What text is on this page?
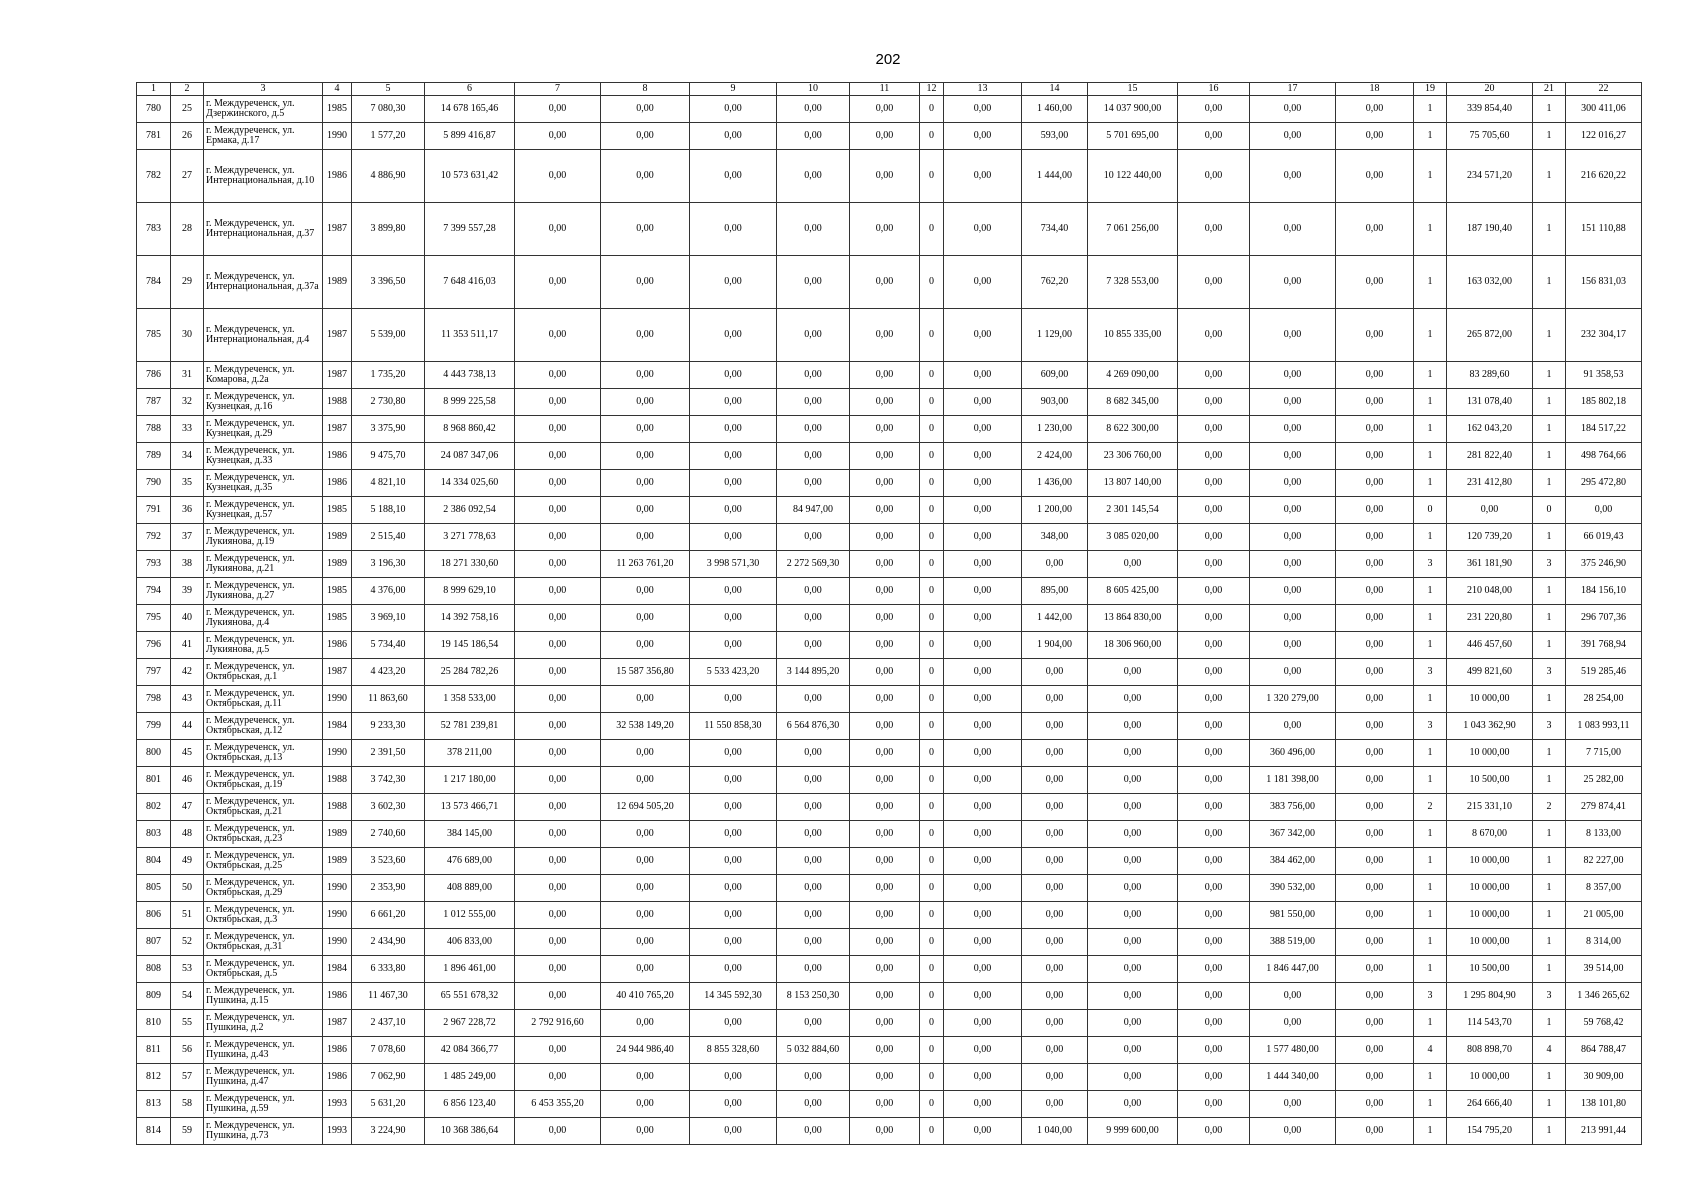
202
1	2	3	4	5	6	7	8	9	10	11	12	13	14	15	16	17	18	19	20	21	22
780	25	г. Междуреченск, ул. Дзержинского, д.5	1985	7 080,30	14 678 165,46	0,00	0,00	0,00	0,00	0,00	0	0,00	1 460,00	14 037 900,00	0,00	0,00	0,00	1	339 854,40	1	300 411,06
781	26	г. Междуреченск, ул. Ермака, д.17	1990	1 577,20	5 899 416,87	0,00	0,00	0,00	0,00	0,00	0	0,00	593,00	5 701 695,00	0,00	0,00	0,00	1	75 705,60	1	122 016,27
782	27	г. Междуреченск, ул. Интернациональная, д.10	1986	4 886,90	10 573 631,42	0,00	0,00	0,00	0,00	0,00	0	0,00	1 444,00	10 122 440,00	0,00	0,00	0,00	1	234 571,20	1	216 620,22
783	28	г. Междуреченск, ул. Интернациональная, д.37	1987	3 899,80	7 399 557,28	0,00	0,00	0,00	0,00	0,00	0	0,00	734,40	7 061 256,00	0,00	0,00	0,00	1	187 190,40	1	151 110,88
784	29	г. Междуреченск, ул. Интернациональная, д.37а	1989	3 396,50	7 648 416,03	0,00	0,00	0,00	0,00	0,00	0	0,00	762,20	7 328 553,00	0,00	0,00	0,00	1	163 032,00	1	156 831,03
785	30	г. Междуреченск, ул. Интернациональная, д.4	1987	5 539,00	11 353 511,17	0,00	0,00	0,00	0,00	0,00	0	0,00	1 129,00	10 855 335,00	0,00	0,00	0,00	1	265 872,00	1	232 304,17
786	31	г. Междуреченск, ул. Комарова, д.2а	1987	1 735,20	4 443 738,13	0,00	0,00	0,00	0,00	0,00	0	0,00	609,00	4 269 090,00	0,00	0,00	0,00	1	83 289,60	1	91 358,53
787	32	г. Междуреченск, ул. Кузнецкая, д.16	1988	2 730,80	8 999 225,58	0,00	0,00	0,00	0,00	0,00	0	0,00	903,00	8 682 345,00	0,00	0,00	0,00	1	131 078,40	1	185 802,18
788	33	г. Междуреченск, ул. Кузнецкая, д.29	1987	3 375,90	8 968 860,42	0,00	0,00	0,00	0,00	0,00	0	0,00	1 230,00	8 622 300,00	0,00	0,00	0,00	1	162 043,20	1	184 517,22
789	34	г. Междуреченск, ул. Кузнецкая, д.33	1986	9 475,70	24 087 347,06	0,00	0,00	0,00	0,00	0,00	0	0,00	2 424,00	23 306 760,00	0,00	0,00	0,00	1	281 822,40	1	498 764,66
790	35	г. Междуреченск, ул. Кузнецкая, д.35	1986	4 821,10	14 334 025,60	0,00	0,00	0,00	0,00	0,00	0	0,00	1 436,00	13 807 140,00	0,00	0,00	0,00	1	231 412,80	1	295 472,80
791	36	г. Междуреченск, ул. Кузнецкая, д.57	1985	5 188,10	2 386 092,54	0,00	0,00	0,00	84 947,00	0,00	0	0,00	1 200,00	2 301 145,54	0,00	0,00	0,00	0	0,00	0	0,00
792	37	г. Междуреченск, ул. Лукиянова, д.19	1989	2 515,40	3 271 778,63	0,00	0,00	0,00	0,00	0,00	0	0,00	348,00	3 085 020,00	0,00	0,00	0,00	1	120 739,20	1	66 019,43
793	38	г. Междуреченск, ул. Лукиянова, д.21	1989	3 196,30	18 271 330,60	0,00	11 263 761,20	3 998 571,30	2 272 569,30	0,00	0	0,00	0,00	0,00	0,00	0,00	0,00	3	361 181,90	3	375 246,90
794	39	г. Междуреченск, ул. Лукиянова, д.27	1985	4 376,00	8 999 629,10	0,00	0,00	0,00	0,00	0,00	0	0,00	895,00	8 605 425,00	0,00	0,00	0,00	1	210 048,00	1	184 156,10
795	40	г. Междуреченск, ул. Лукиянова, д.4	1985	3 969,10	14 392 758,16	0,00	0,00	0,00	0,00	0,00	0	0,00	1 442,00	13 864 830,00	0,00	0,00	0,00	1	231 220,80	1	296 707,36
796	41	г. Междуреченск, ул. Лукиянова, д.5	1986	5 734,40	19 145 186,54	0,00	0,00	0,00	0,00	0,00	0	0,00	1 904,00	18 306 960,00	0,00	0,00	0,00	1	446 457,60	1	391 768,94
797	42	г. Междуреченск, ул. Октябрьская, д.1	1987	4 423,20	25 284 782,26	0,00	15 587 356,80	5 533 423,20	3 144 895,20	0,00	0	0,00	0,00	0,00	0,00	0,00	0,00	3	499 821,60	3	519 285,46
798	43	г. Междуреченск, ул. Октябрьская, д.11	1990	11 863,60	1 358 533,00	0,00	0,00	0,00	0,00	0,00	0	0,00	0,00	0,00	0,00	1 320 279,00	0,00	1	10 000,00	1	28 254,00
799	44	г. Междуреченск, ул. Октябрьская, д.12	1984	9 233,30	52 781 239,81	0,00	32 538 149,20	11 550 858,30	6 564 876,30	0,00	0	0,00	0,00	0,00	0,00	0,00	0,00	3	1 043 362,90	3	1 083 993,11
800	45	г. Междуреченск, ул. Октябрьская, д.13	1990	2 391,50	378 211,00	0,00	0,00	0,00	0,00	0,00	0	0,00	0,00	0,00	0,00	360 496,00	0,00	1	10 000,00	1	7 715,00
801	46	г. Междуреченск, ул. Октябрьская, д.19	1988	3 742,30	1 217 180,00	0,00	0,00	0,00	0,00	0,00	0	0,00	0,00	0,00	0,00	1 181 398,00	0,00	1	10 500,00	1	25 282,00
802	47	г. Междуреченск, ул. Октябрьская, д.21	1988	3 602,30	13 573 466,71	0,00	12 694 505,20	0,00	0,00	0,00	0	0,00	0,00	0,00	0,00	383 756,00	0,00	2	215 331,10	2	279 874,41
803	48	г. Междуреченск, ул. Октябрьская, д.23	1989	2 740,60	384 145,00	0,00	0,00	0,00	0,00	0,00	0	0,00	0,00	0,00	0,00	367 342,00	0,00	1	8 670,00	1	8 133,00
804	49	г. Междуреченск, ул. Октябрьская, д.25	1989	3 523,60	476 689,00	0,00	0,00	0,00	0,00	0,00	0	0,00	0,00	0,00	0,00	384 462,00	0,00	1	10 000,00	1	82 227,00
805	50	г. Междуреченск, ул. Октябрьская, д.29	1990	2 353,90	408 889,00	0,00	0,00	0,00	0,00	0,00	0	0,00	0,00	0,00	0,00	390 532,00	0,00	1	10 000,00	1	8 357,00
806	51	г. Междуреченск, ул. Октябрьская, д.3	1990	6 661,20	1 012 555,00	0,00	0,00	0,00	0,00	0,00	0	0,00	0,00	0,00	0,00	981 550,00	0,00	1	10 000,00	1	21 005,00
807	52	г. Междуреченск, ул. Октябрьская, д.31	1990	2 434,90	406 833,00	0,00	0,00	0,00	0,00	0,00	0	0,00	0,00	0,00	0,00	388 519,00	0,00	1	10 000,00	1	8 314,00
808	53	г. Междуреченск, ул. Октябрьская, д.5	1984	6 333,80	1 896 461,00	0,00	0,00	0,00	0,00	0,00	0	0,00	0,00	0,00	0,00	1 846 447,00	0,00	1	10 500,00	1	39 514,00
809	54	г. Междуреченск, ул. Пушкина, д.15	1986	11 467,30	65 551 678,32	0,00	40 410 765,20	14 345 592,30	8 153 250,30	0,00	0	0,00	0,00	0,00	0,00	0,00	0,00	3	1 295 804,90	3	1 346 265,62
810	55	г. Междуреченск, ул. Пушкина, д.2	1987	2 437,10	2 967 228,72	2 792 916,60	0,00	0,00	0,00	0,00	0	0,00	0,00	0,00	0,00	0,00	0,00	1	114 543,70	1	59 768,42
811	56	г. Междуреченск, ул. Пушкина, д.43	1986	7 078,60	42 084 366,77	0,00	24 944 986,40	8 855 328,60	5 032 884,60	0,00	0	0,00	0,00	0,00	0,00	1 577 480,00	0,00	4	808 898,70	4	864 788,47
812	57	г. Междуреченск, ул. Пушкина, д.47	1986	7 062,90	1 485 249,00	0,00	0,00	0,00	0,00	0,00	0	0,00	0,00	0,00	0,00	1 444 340,00	0,00	1	10 000,00	1	30 909,00
813	58	г. Междуреченск, ул. Пушкина, д.59	1993	5 631,20	6 856 123,40	6 453 355,20	0,00	0,00	0,00	0,00	0	0,00	0,00	0,00	0,00	0,00	0,00	1	264 666,40	1	138 101,80
814	59	г. Междуреченск, ул. Пушкина, д.73	1993	3 224,90	10 368 386,64	0,00	0,00	0,00	0,00	0,00	0	0,00	1 040,00	9 999 600,00	0,00	0,00	0,00	1	154 795,20	1	213 991,44
